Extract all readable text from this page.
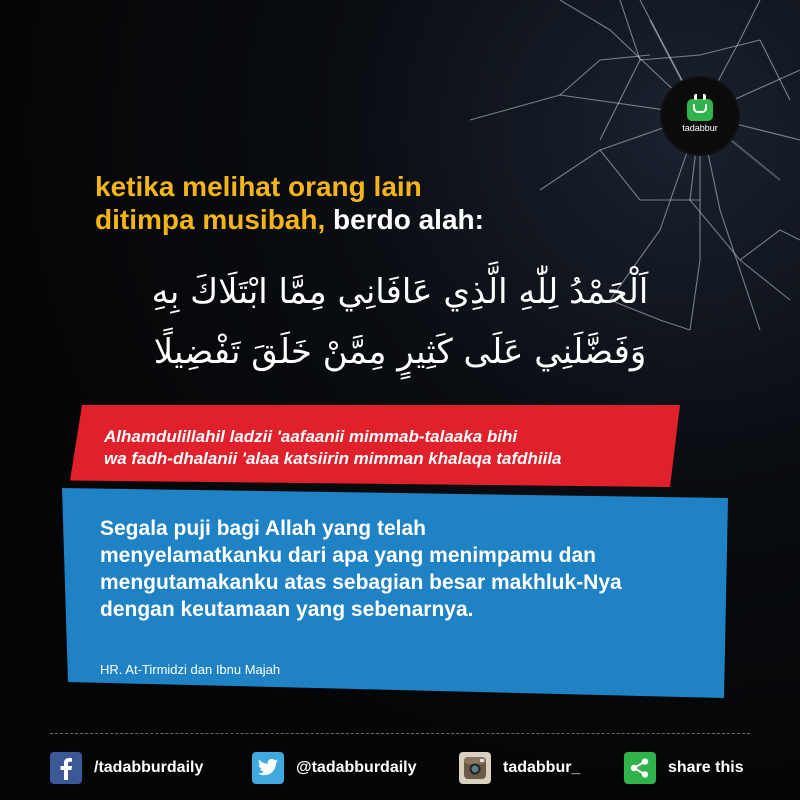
tadabbur
ketika melihat orang lain
ditimpa musibah, berdo alah:
اَلْحَمْدُ لِلّٰهِ الَّذِي عَافَانِي مِمَّا ابْتَلَاكَ بِهِ
وَفَضَّلَنِي عَلَى كَثِيرٍ مِمَّنْ خَلَقَ تَفْضِيلًا
Alhamdulillahil ladzii 'aafaanii mimmab-talaaka bihi
wa fadh-dhalanii 'alaa katsiirin mimman khalaqa tafdhiila
Segala puji bagi Allah yang telah
menyelamatkanku dari apa yang menimpamu dan
mengutamakanku atas sebagian besar makhluk-Nya
dengan keutamaan yang sebenarnya.
HR. At-Tirmidzi dan Ibnu Majah
/tadabburdaily	@tadabburdaily	tadabbur_	share this
